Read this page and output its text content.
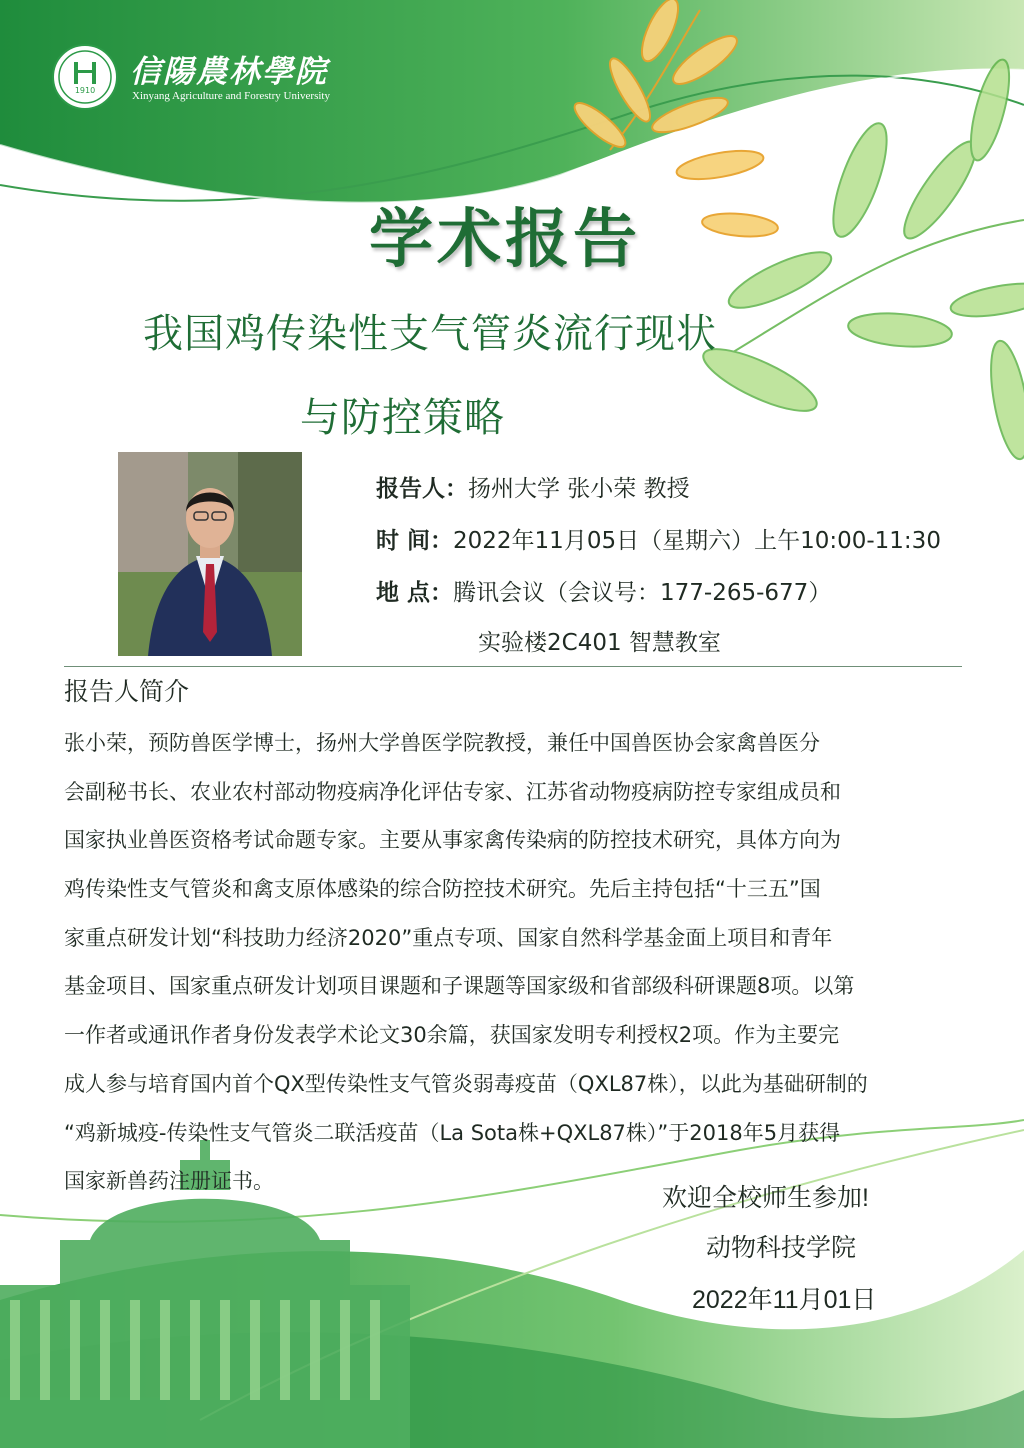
1910
信陽農林學院
Xinyang Agriculture and Forestry University
学术报告
我国鸡传染性支气管炎流行现状
与防控策略
报告人：扬州大学 张小荣 教授
时 间：2022年11月05日（星期六）上午10:00-11:30
地 点：腾讯会议（会议号：177-265-677）
实验楼2C401 智慧教室
报告人简介
张小荣，预防兽医学博士，扬州大学兽医学院教授，兼任中国兽医协会家禽兽医分
会副秘书长、农业农村部动物疫病净化评估专家、江苏省动物疫病防控专家组成员和
国家执业兽医资格考试命题专家。主要从事家禽传染病的防控技术研究，具体方向为
鸡传染性支气管炎和禽支原体感染的综合防控技术研究。先后主持包括“十三五”国
家重点研发计划“科技助力经济2020”重点专项、国家自然科学基金面上项目和青年
基金项目、国家重点研发计划项目课题和子课题等国家级和省部级科研课题8项。以第
一作者或通讯作者身份发表学术论文30余篇，获国家发明专利授权2项。作为主要完
成人参与培育国内首个QX型传染性支气管炎弱毒疫苗（QXL87株），以此为基础研制的
“鸡新城疫-传染性支气管炎二联活疫苗（La Sota株+QXL87株）”于2018年5月获得
国家新兽药注册证书。
欢迎全校师生参加!
动物科技学院
2022年11月01日
